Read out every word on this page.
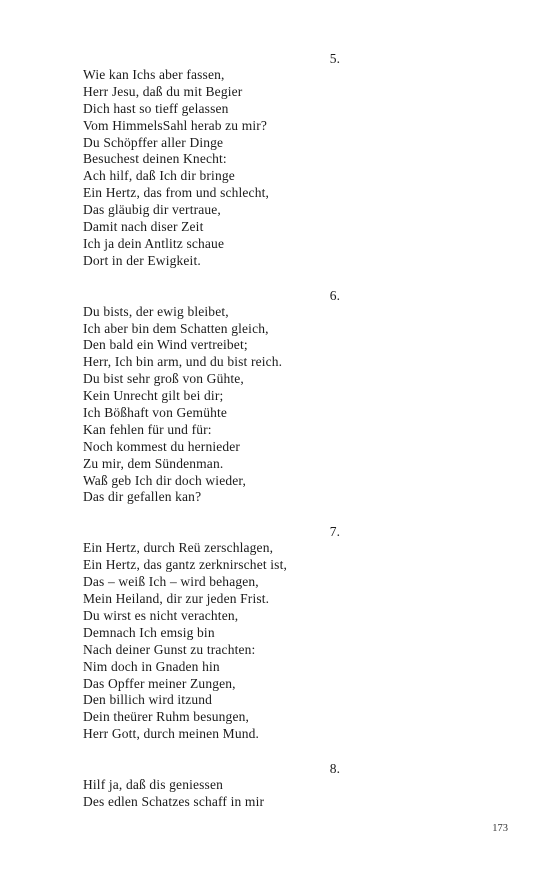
5.
Wie kan Ichs aber fassen,
Herr Jesu, daß du mit Begier
Dich hast so tieff gelassen
Vom HimmelsSahl herab zu mir?
Du Schöpffer aller Dinge
Besuchest deinen Knecht:
Ach hilf, daß Ich dir bringe
Ein Hertz, das from und schlecht,
Das gläubig dir vertraue,
Damit nach diser Zeit
Ich ja dein Antlitz schaue
Dort in der Ewigkeit.
6.
Du bists, der ewig bleibet,
Ich aber bin dem Schatten gleich,
Den bald ein Wind vertreibet;
Herr, Ich bin arm, und du bist reich.
Du bist sehr groß von Gühte,
Kein Unrecht gilt bei dir;
Ich Bößhaft von Gemühte
Kan fehlen für und für:
Noch kommest du hernieder
Zu mir, dem Sündenman.
Waß geb Ich dir doch wieder,
Das dir gefallen kan?
7.
Ein Hertz, durch Reü zerschlagen,
Ein Hertz, das gantz zerknirschet ist,
Das – weiß Ich – wird behagen,
Mein Heiland, dir zur jeden Frist.
Du wirst es nicht verachten,
Demnach Ich emsig bin
Nach deiner Gunst zu trachten:
Nim doch in Gnaden hin
Das Opffer meiner Zungen,
Den billich wird itzund
Dein theürer Ruhm besungen,
Herr Gott, durch meinen Mund.
8.
Hilf ja, daß dis geniessen
Des edlen Schatzes schaff in mir
173
